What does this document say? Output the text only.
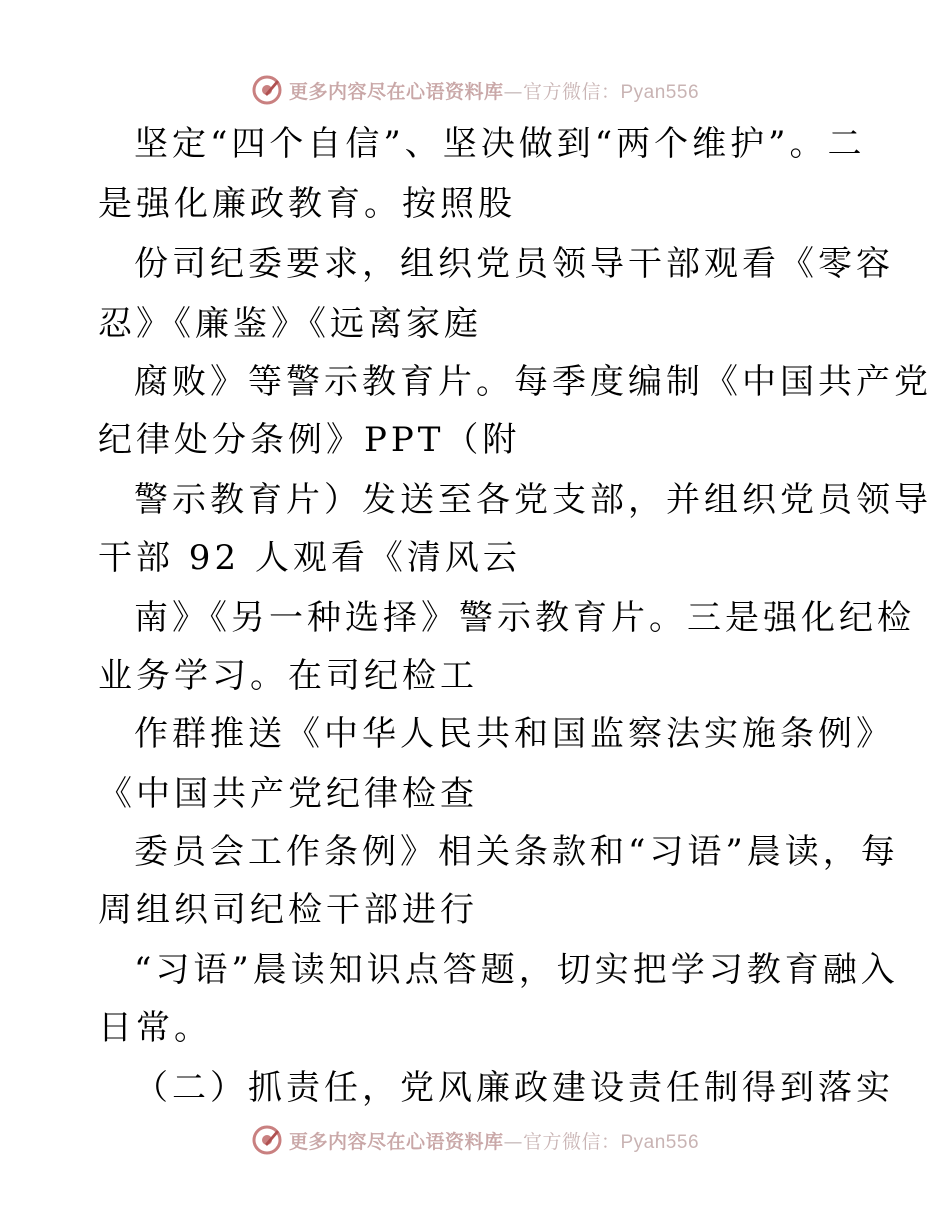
更多内容尽在心语资料库—官方微信：Pyan556
坚定“四个自信”、坚决做到“两个维护”。二
是强化廉政教育。按照股
份司纪委要求，组织党员领导干部观看《零容
忍》《廉鉴》《远离家庭
腐败》等警示教育片。每季度编制《中国共产党
纪律处分条例》PPT（附
警示教育片）发送至各党支部，并组织党员领导
干部 92 人观看《清风云
南》《另一种选择》警示教育片。三是强化纪检
业务学习。在司纪检工
作群推送《中华人民共和国监察法实施条例》
《中国共产党纪律检查
委员会工作条例》相关条款和“习语”晨读，每
周组织司纪检干部进行
“习语”晨读知识点答题，切实把学习教育融入
日常。
（二）抓责任，党风廉政建设责任制得到落实
更多内容尽在心语资料库—官方微信：Pyan556
